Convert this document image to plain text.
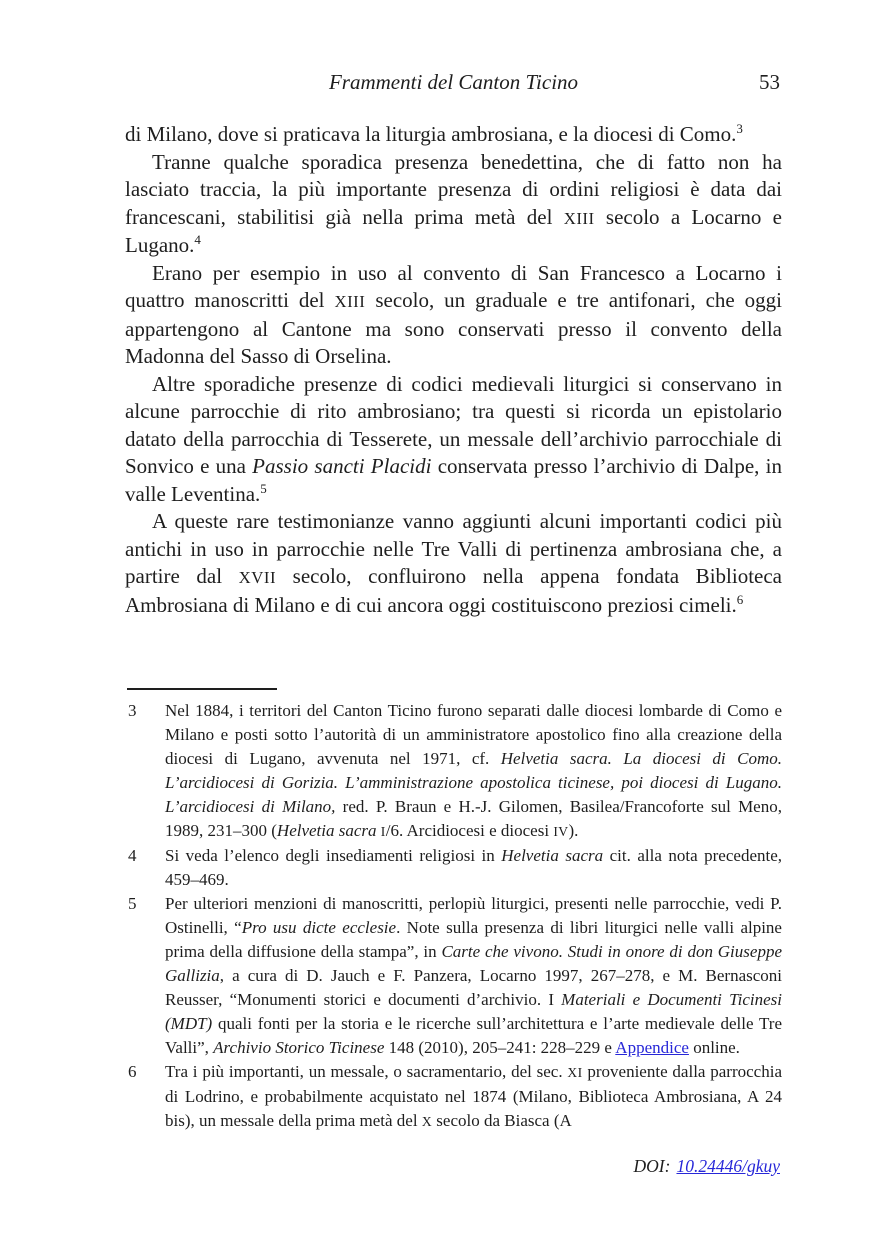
Frammenti del Canton Ticino	53

di Milano, dove si praticava la liturgia ambrosiana, e la diocesi di Como.$^3$

Tranne qualche sporadica presenza benedettina, che di fatto non ha lasciato traccia, la più importante presenza di ordini religiosi è data dai francescani, stabilitisi già nella prima metà del XIII secolo a Locarno e Lugano.$^4$

Erano per esempio in uso al convento di San Francesco a Locarno i quattro manoscritti del XIII secolo, un graduale e tre antifonari, che oggi appartengono al Cantone ma sono conservati presso il convento della Madonna del Sasso di Orselina.

Altre sporadiche presenze di codici medievali liturgici si conservano in alcune parrocchie di rito ambrosiano; tra questi si ricorda un epistolario datato della parrocchia di Tesserete, un messale dell’archivio parrocchiale di Sonvico e una Passio sancti Placidi conservata presso l’archivio di Dalpe, in valle Leventina.$^5$

A queste rare testimonianze vanno aggiunti alcuni importanti codici più antichi in uso in parrocchie nelle Tre Valli di pertinenza ambrosiana che, a partire dal XVII secolo, confluirono nella appena fondata Biblioteca Ambrosiana di Milano e di cui ancora oggi costituiscono preziosi cimeli.$^6$

3	Nel 1884, i territori del Canton Ticino furono separati dalle diocesi lombarde di Como e Milano e posti sotto l’autorità di un amministratore apostolico fino alla creazione della diocesi di Lugano, avvenuta nel 1971, cf. Helvetia sacra. La diocesi di Como. L’arcidiocesi di Gorizia. L’amministrazione apostolica ticinese, poi diocesi di Lugano. L’arcidiocesi di Milano, red. P. Braun e H.-J. Gilomen, Basilea/Francoforte sul Meno, 1989, 231–300 (Helvetia sacra I/6. Arcidiocesi e diocesi IV).
4	Si veda l’elenco degli insediamenti religiosi in Helvetia sacra cit. alla nota precedente, 459–469.
5	Per ulteriori menzioni di manoscritti, perlopiù liturgici, presenti nelle parrocchie, vedi P. Ostinelli, “Pro usu dicte ecclesie. Note sulla presenza di libri liturgici nelle valli alpine prima della diffusione della stampa”, in Carte che vivono. Studi in onore di don Giuseppe Gallizia, a cura di D. Jauch e F. Panzera, Locarno 1997, 267–278, e M. Bernasconi Reusser, “Monumenti storici e documenti d’archivio. I Materiali e Documenti Ticinesi (MDT) quali fonti per la storia e le ricerche sull’architettura e l’arte medievale delle Tre Valli”, Archivio Storico Ticinese 148 (2010), 205–241: 228–229 e Appendice online.
6	Tra i più importanti, un messale, o sacramentario, del sec. XI proveniente dalla parrocchia di Lodrino, e probabilmente acquistato nel 1874 (Milano, Biblioteca Ambrosiana, A 24 bis), un messale della prima metà del X secolo da Biasca (A
DOI: 10.24446/gkuy
